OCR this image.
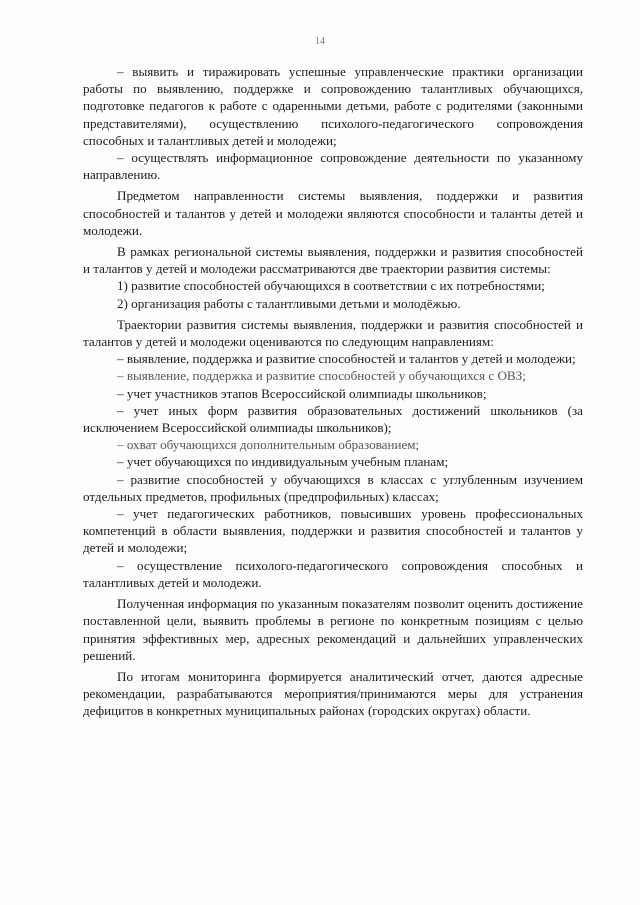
14

– выявить и тиражировать успешные управленческие практики организации работы по выявлению, поддержке и сопровождению талантливых обучающихся, подготовке педагогов к работе с одаренными детьми, работе с родителями (законными представителями), осуществлению психолого-педагогического сопровождения способных и талантливых детей и молодежи;

– осуществлять информационное сопровождение деятельности по указанному направлению.

Предметом направленности системы выявления, поддержки и развития способностей и талантов у детей и молодежи являются способности и таланты детей и молодежи.

В рамках региональной системы выявления, поддержки и развития способностей и талантов у детей и молодежи рассматриваются две траектории развития системы:

1) развитие способностей обучающихся в соответствии с их потребностями;

2) организация работы с талантливыми детьми и молодёжью.

Траектории развития системы выявления, поддержки и развития способностей и талантов у детей и молодежи оцениваются по следующим направлениям:

– выявление, поддержка и развитие способностей и талантов у детей и молодежи;

– выявление, поддержка и развитие способностей у обучающихся с ОВЗ;

– учет участников этапов Всероссийской олимпиады школьников;

– учет иных форм развития образовательных достижений школьников (за исключением Всероссийской олимпиады школьников);

– охват обучающихся дополнительным образованием;

– учет обучающихся по индивидуальным учебным планам;

– развитие способностей у обучающихся в классах с углубленным изучением отдельных предметов, профильных (предпрофильных) классах;

– учет педагогических работников, повысивших уровень профессиональных компетенций в области выявления, поддержки и развития способностей и талантов у детей и молодежи;

– осуществление психолого-педагогического сопровождения способных и талантливых детей и молодежи.

Полученная информация по указанным показателям позволит оценить достижение поставленной цели, выявить проблемы в регионе по конкретным позициям с целью принятия эффективных мер, адресных рекомендаций и дальнейших управленческих решений.

По итогам мониторинга формируется аналитический отчет, даются адресные рекомендации, разрабатываются мероприятия/принимаются меры для устранения дефицитов в конкретных муниципальных районах (городских округах) области.
